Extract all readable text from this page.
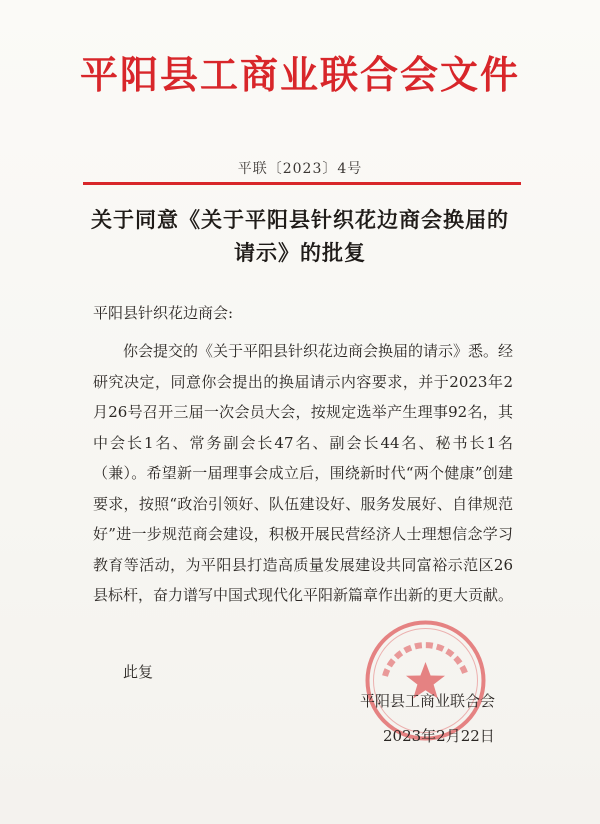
平阳县工商业联合会文件
平联〔2023〕4号
关于同意《关于平阳县针织花边商会换届的
请示》的批复
平阳县针织花边商会:
你会提交的《关于平阳县针织花边商会换届的请示》悉。经研究决定，同意你会提出的换届请示内容要求，并于2023年2月26号召开三届一次会员大会，按规定选举产生理事92名，其中会长1名、常务副会长47名、副会长44名、秘书长1名（兼）。希望新一届理事会成立后，围绕新时代“两个健康”创建要求，按照“政治引领好、队伍建设好、服务发展好、自律规范好”进一步规范商会建设，积极开展民营经济人士理想信念学习教育等活动，为平阳县打造高质量发展建设共同富裕示范区26县标杆，奋力谱写中国式现代化平阳新篇章作出新的更大贡献。
此复
平阳县工商业联合会
2023年2月22日
